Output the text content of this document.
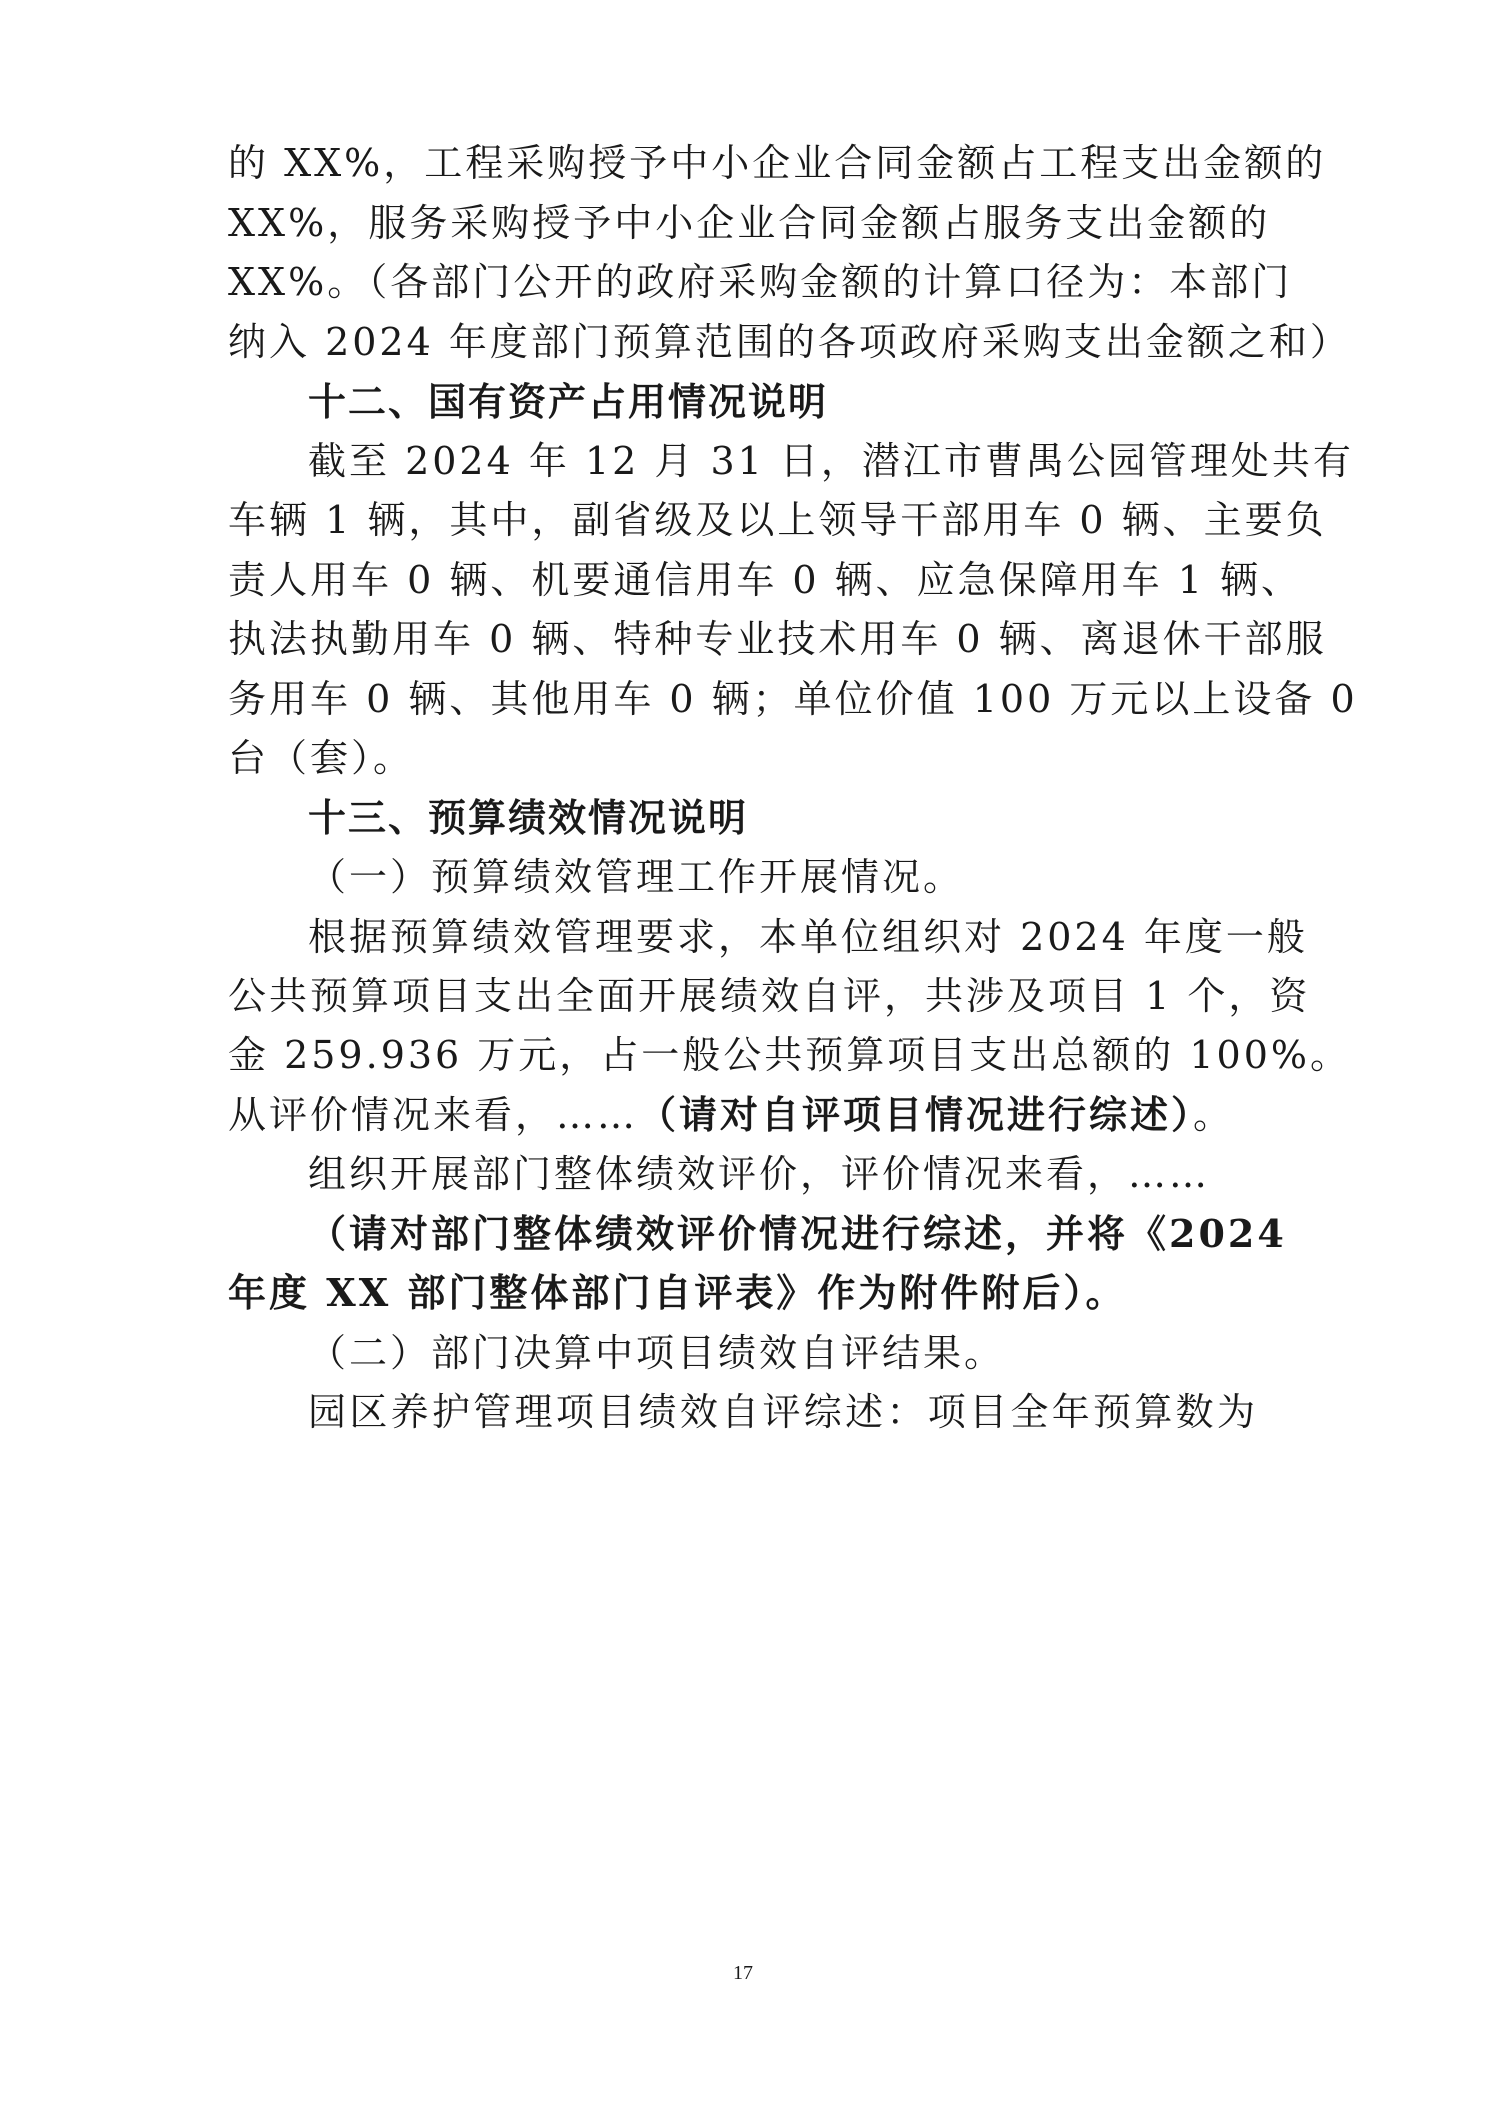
的 XX%，工程采购授予中小企业合同金额占工程支出金额的
XX%，服务采购授予中小企业合同金额占服务支出金额的
XX%。（各部门公开的政府采购金额的计算口径为：本部门
纳入 2024 年度部门预算范围的各项政府采购支出金额之和）
十二、国有资产占用情况说明
截至 2024 年 12 月 31 日，潜江市曹禺公园管理处共有
车辆 1 辆，其中，副省级及以上领导干部用车 0 辆、主要负
责人用车 0 辆、机要通信用车 0 辆、应急保障用车 1 辆、
执法执勤用车 0 辆、特种专业技术用车 0 辆、离退休干部服
务用车 0 辆、其他用车 0 辆；单位价值 100 万元以上设备 0
台（套）。
十三、预算绩效情况说明
（一）预算绩效管理工作开展情况。
根据预算绩效管理要求，本单位组织对 2024 年度一般
公共预算项目支出全面开展绩效自评，共涉及项目 1 个，资
金 259.936 万元，占一般公共预算项目支出总额的 100%。
从评价情况来看，……（请对自评项目情况进行综述）。
组织开展部门整体绩效评价，评价情况来看，……
（请对部门整体绩效评价情况进行综述，并将《2024
年度 XX 部门整体部门自评表》作为附件附后）。
（二）部门决算中项目绩效自评结果。
园区养护管理项目绩效自评综述：项目全年预算数为
17
